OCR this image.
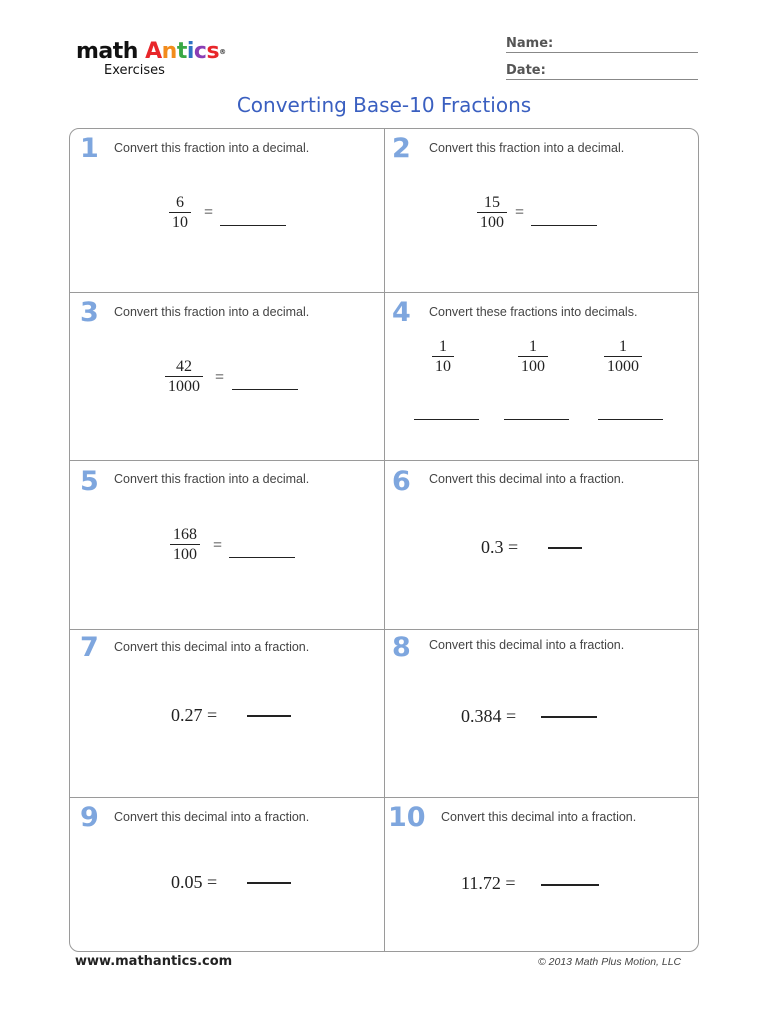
math Antics®
Exercises
Name:
Date:
Converting Base-10 Fractions
1 Convert this fraction into a decimal.
$\frac{6}{10}$ =
2 Convert this fraction into a decimal.
$\frac{15}{100}$ =
3 Convert this fraction into a decimal.
$\frac{42}{1000}$ =
4 Convert these fractions into decimals.
$\frac{1}{10}$	$\frac{1}{100}$	$\frac{1}{1000}$
5 Convert this fraction into a decimal.
$\frac{168}{100}$ =
6 Convert this decimal into a fraction.
0.3 =
7 Convert this decimal into a fraction.
0.27 =
8 Convert this decimal into a fraction.
0.384 =
9 Convert this decimal into a fraction.
0.05 =
10 Convert this decimal into a fraction.
11.72 =
www.mathantics.com	© 2013 Math Plus Motion, LLC
